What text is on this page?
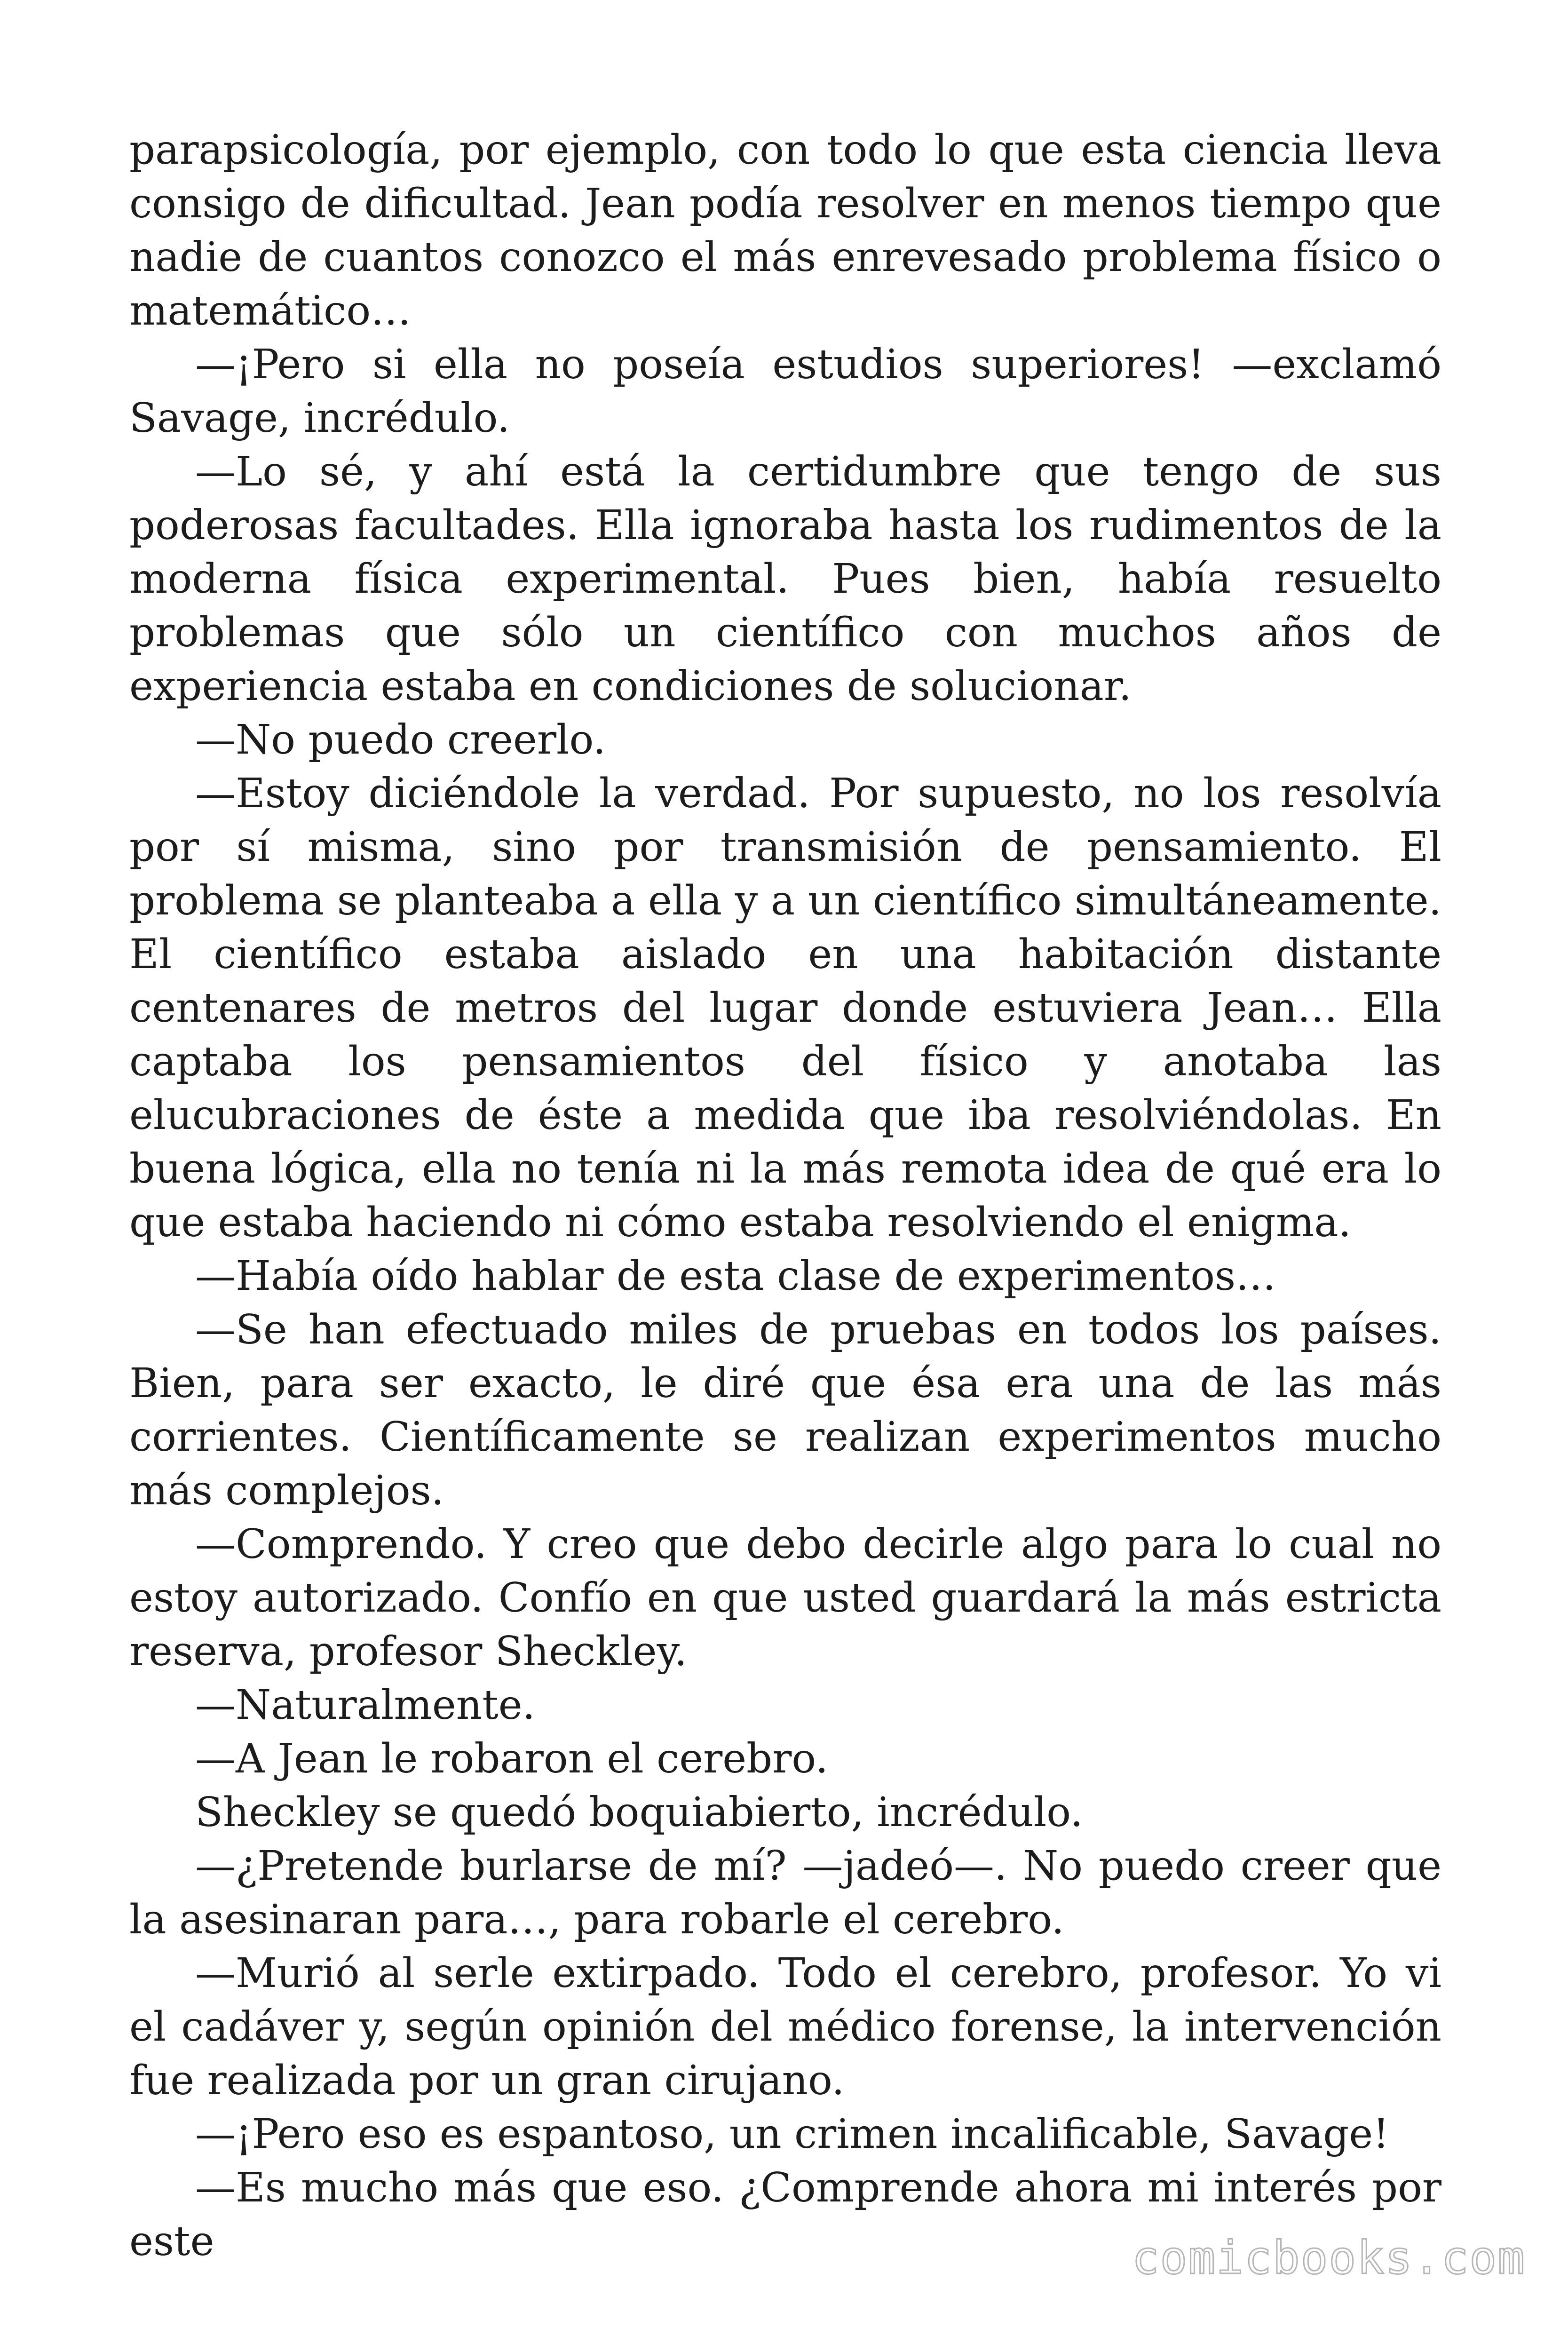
parapsicología, por ejemplo, con todo lo que esta ciencia lleva consigo de dificultad. Jean podía resolver en menos tiempo que nadie de cuantos conozco el más enrevesado problema físico o matemático…

—¡Pero si ella no poseía estudios superiores! —exclamó Savage, incrédulo.

—Lo sé, y ahí está la certidumbre que tengo de sus poderosas facultades. Ella ignoraba hasta los rudimentos de la moderna física experimental. Pues bien, había resuelto problemas que sólo un científico con muchos años de experiencia estaba en condiciones de solucionar.

—No puedo creerlo.

—Estoy diciéndole la verdad. Por supuesto, no los resolvía por sí misma, sino por transmisión de pensamiento. El problema se planteaba a ella y a un científico simultáneamente. El científico estaba aislado en una habitación distante centenares de metros del lugar donde estuviera Jean… Ella captaba los pensamientos del físico y anotaba las elucubraciones de éste a medida que iba resolviéndolas. En buena lógica, ella no tenía ni la más remota idea de qué era lo que estaba haciendo ni cómo estaba resolviendo el enigma.

—Había oído hablar de esta clase de experimentos…

—Se han efectuado miles de pruebas en todos los países. Bien, para ser exacto, le diré que ésa era una de las más corrientes. Científicamente se realizan experimentos mucho más complejos.

—Comprendo. Y creo que debo decirle algo para lo cual no estoy autorizado. Confío en que usted guardará la más estricta reserva, profesor Sheckley.

—Naturalmente.

—A Jean le robaron el cerebro.

Sheckley se quedó boquiabierto, incrédulo.

—¿Pretende burlarse de mí? —jadeó—. No puedo creer que la asesinaran para…, para robarle el cerebro.

—Murió al serle extirpado. Todo el cerebro, profesor. Yo vi el cadáver y, según opinión del médico forense, la intervención fue realizada por un gran cirujano.

—¡Pero eso es espantoso, un crimen incalificable, Savage!

—Es mucho más que eso. ¿Comprende ahora mi interés por este	comicbooks.com
